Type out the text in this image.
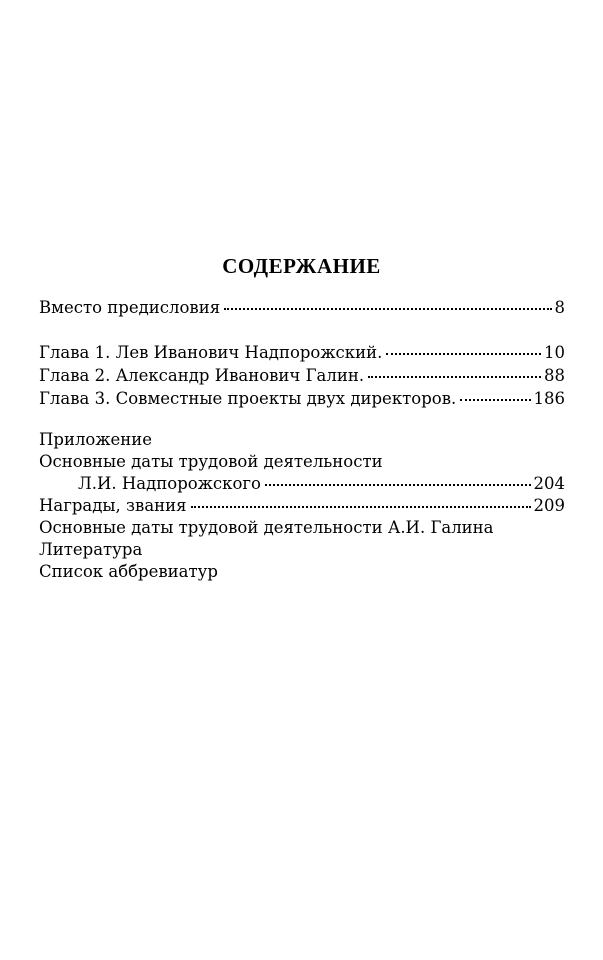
СОДЕРЖАНИЕ
Вместо предисловия	8
Глава 1. Лев Иванович Надпорожский.	10
Глава 2. Александр Иванович Галин.	88
Глава 3. Совместные проекты двух директоров.	186
Приложение
Основные даты трудовой деятельности
Л.И. Надпорожского	204
Награды, звания	209
Основные даты трудовой деятельности А.И. Галина
Литература
Список аббревиатур
